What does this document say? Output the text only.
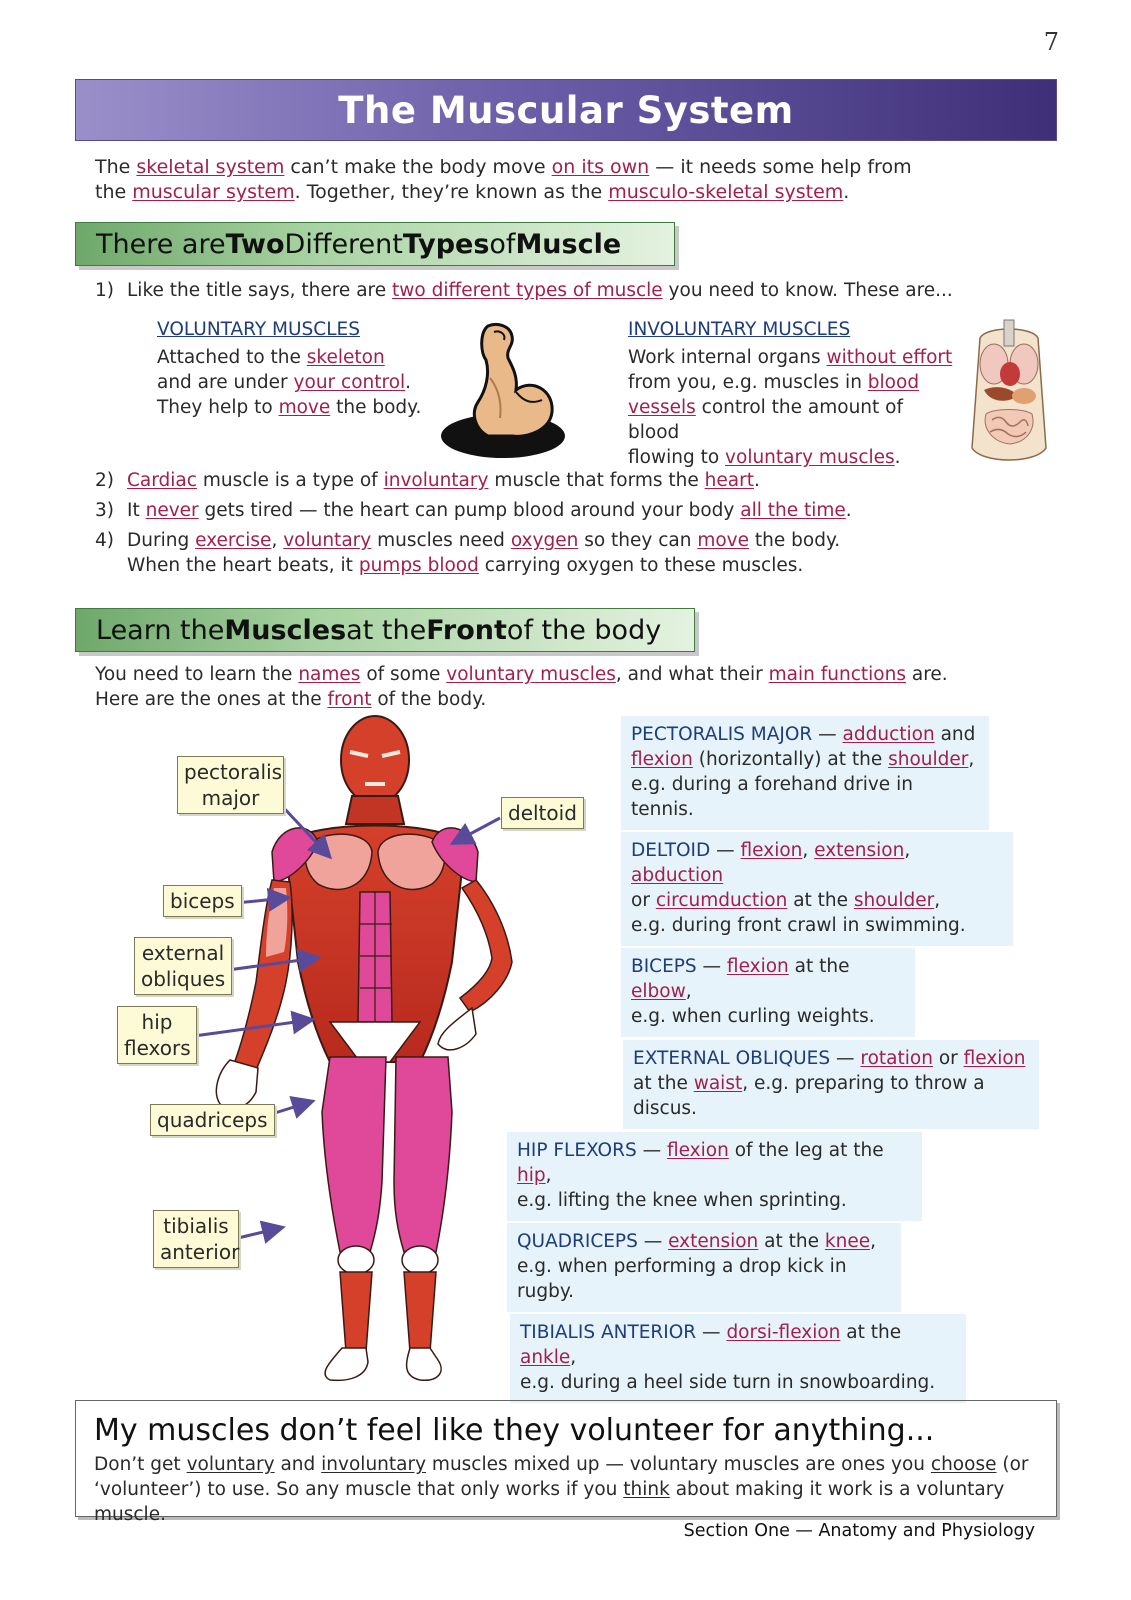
7
The Muscular System
The skeletal system can’t make the body move on its own — it needs some help from
the muscular system. Together, they’re known as the musculo-skeletal system.
There are Two Different Types of Muscle
1) Like the title says, there are two different types of muscle you need to know. These are...
VOLUNTARY MUSCLES
Attached to the skeleton
and are under your control.
They help to move the body.
INVOLUNTARY MUSCLES
Work internal organs without effort
from you, e.g. muscles in blood
vessels control the amount of blood
flowing to voluntary muscles.
2) Cardiac muscle is a type of involuntary muscle that forms the heart.
3) It never gets tired — the heart can pump blood around your body all the time.
4) During exercise, voluntary muscles need oxygen so they can move the body.
When the heart beats, it pumps blood carrying oxygen to these muscles.
Learn the Muscles at the Front of the body
You need to learn the names of some voluntary muscles, and what their main functions are.
Here are the ones at the front of the body.
pectoralis
major
deltoid
biceps
external
obliques
hip
flexors
quadriceps
tibialis
anterior
PECTORALIS MAJOR — adduction and
flexion (horizontally) at the shoulder,
e.g. during a forehand drive in tennis.
DELTOID — flexion, extension, abduction
or circumduction at the shoulder,
e.g. during front crawl in swimming.
BICEPS — flexion at the elbow,
e.g. when curling weights.
EXTERNAL OBLIQUES — rotation or flexion
at the waist, e.g. preparing to throw a discus.
HIP FLEXORS — flexion of the leg at the hip,
e.g. lifting the knee when sprinting.
QUADRICEPS — extension at the knee,
e.g. when performing a drop kick in rugby.
TIBIALIS ANTERIOR — dorsi-flexion at the ankle,
e.g. during a heel side turn in snowboarding.
My muscles don’t feel like they volunteer for anything...
Don’t get voluntary and involuntary muscles mixed up — voluntary muscles are ones you choose (or
‘volunteer’) to use. So any muscle that only works if you think about making it work is a voluntary muscle.
Section One — Anatomy and Physiology
